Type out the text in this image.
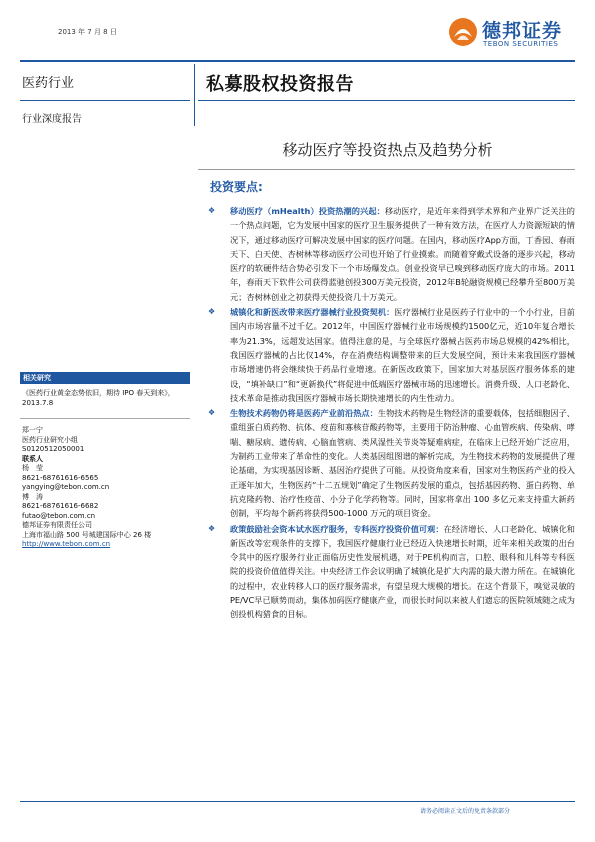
2013 年 7 月 8 日	德邦证券
TEBON SECURITIES
医药行业
行业深度报告
私募股权投资报告
移动医疗等投资热点及趋势分析
投资要点:
❖ 移动医疗（mHealth）投资热潮的兴起：移动医疗，是近年来得到学术界和产业界广泛关注的一个热点问题，它为发展中国家的医疗卫生服务提供了一种有效方法，在医疗人力资源短缺的情况下，通过移动医疗可解决发展中国家的医疗问题。在国内，移动医疗App方面，丁香园、春雨天下、白天使、杏树林等移动医疗公司也开始了行业摸索。而随着穿戴式设备的逐步兴起，移动医疗的软硬件结合势必引发下一个市场爆发点。创业投资早已嗅到移动医疗庞大的市场。2011年，春雨天下软件公司获得蓝驰创投300万美元投资，2012年B轮融资规模已经攀升至800万美元；杏树林创业之初获得天使投资几十万美元。
❖ 城镇化和新医改带来医疗器械行业投资契机：医疗器械行业是医药子行业中的一个小行业，目前国内市场容量不过千亿。2012年，中国医疗器械行业市场规模约1500亿元，近10年复合增长率为21.3%，远超发达国家。值得注意的是，与全球医疗器械占医药市场总规模的42%相比，我国医疗器械的占比仅14%，存在消费结构调整带来的巨大发展空间，预计未来我国医疗器械市场增速仍将会继续快于药品行业增速。在新医改政策下，国家加大对基层医疗服务体系的建设，“填补缺口”和“更新换代”将促进中低端医疗器械市场的迅速增长。消费升级、人口老龄化、技术革命是推动我国医疗器械市场长期快速增长的内生性动力。
❖ 生物技术药物仍将是医药产业前沿热点：生物技术药物是生物经济的重要载体，包括细胞因子、重组蛋白质药物、抗体、疫苗和寡核苷酸药物等，主要用于防治肿瘤、心血管疾病、传染病、哮喘、糖尿病、遗传病、心脑血管病、类风湿性关节炎等疑难病症，在临床上已经开始广泛应用，为制药工业带来了革命性的变化。人类基因组图谱的解析完成，为生物技术药物的发展提供了理论基础，为实现基因诊断、基因治疗提供了可能。从投资角度来看，国家对生物医药产业的投入正逐年加大，生物医药“十二五规划”确定了生物医药发展的重点，包括基因药物、蛋白药物、单抗克隆药物、治疗性疫苗、小分子化学药物等。同时，国家将拿出 100 多亿元来支持重大新药创制，平均每个新药将获得500-1000 万元的项目资金。
❖ 政策鼓励社会资本试水医疗服务，专科医疗投资价值可观：在经济增长、人口老龄化、城镇化和新医改等宏观条件的支撑下，我国医疗健康行业已经迈入快速增长时期，近年来相关政策的出台令其中的医疗服务行业正面临历史性发展机遇，对于PE机构而言，口腔、眼科和儿科等专科医院的投资价值值得关注。中央经济工作会议明确了城镇化是扩大内需的最大潜力所在。在城镇化的过程中，农业转移人口的医疗服务需求，有望呈现大规模的增长。在这个背景下，嗅觉灵敏的PE/VC早已顺势而动，集体加码医疗健康产业，而很长时间以来被人们遗忘的医院领域随之成为创投机构猎食的目标。
相关研究
《医药行业黄金态势依旧，期待 IPO 春天到来》，2013.7.8
郑一宁
医药行业研究小组
S0120512050001
联系人
杨　莹
8621-68761616-6565
yangying@tebon.com.cn
傅　涛
8621-68761616-6682
futao@tebon.com.cn
德邦证券有限责任公司
上海市福山路 500 号城建国际中心 26 楼
http://www.tebon.com.cn
请务必阅读正文后的免责条款部分
